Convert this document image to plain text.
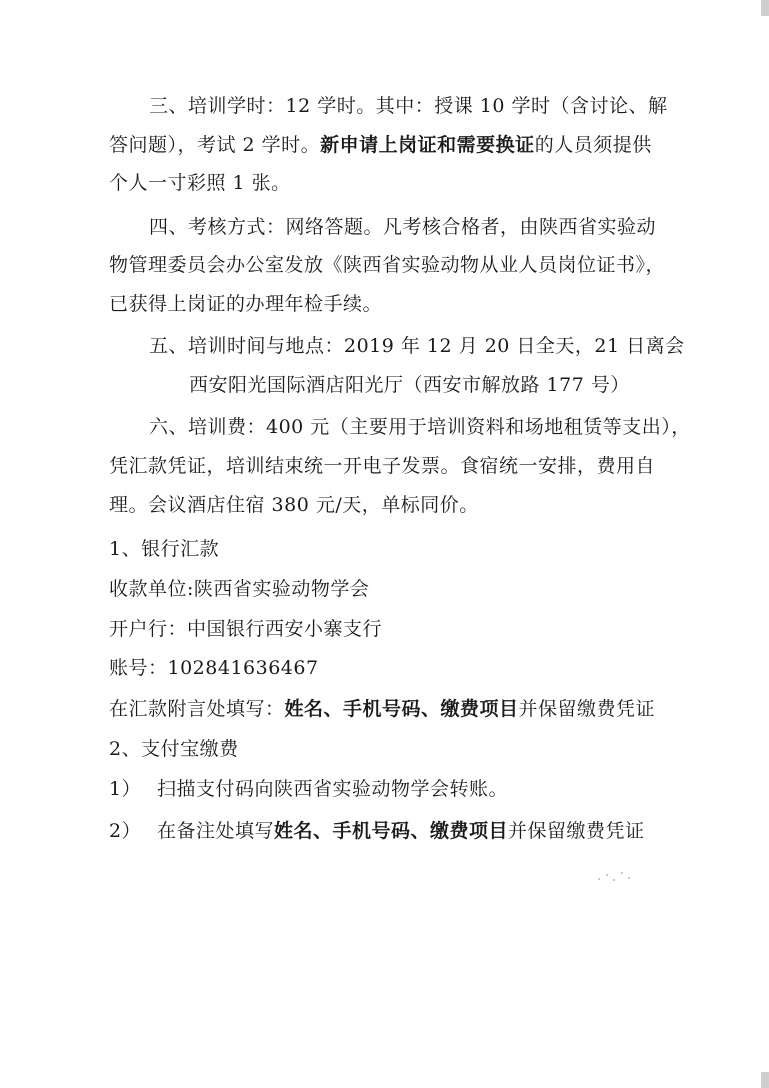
三、培训学时：12 学时。其中：授课 10 学时（含讨论、解
答问题），考试 2 学时。新申请上岗证和需要换证的人员须提供
个人一寸彩照 1 张。
四、考核方式：网络答题。凡考核合格者，由陕西省实验动
物管理委员会办公室发放《陕西省实验动物从业人员岗位证书》，
已获得上岗证的办理年检手续。
五、培训时间与地点：2019 年 12 月 20 日全天，21 日离会
西安阳光国际酒店阳光厅（西安市解放路 177 号）
六、培训费：400 元（主要用于培训资料和场地租赁等支出），
凭汇款凭证，培训结束统一开电子发票。食宿统一安排，费用自
理。会议酒店住宿 380 元/天，单标同价。
1、银行汇款
收款单位:陕西省实验动物学会
开户行：中国银行西安小寨支行
账号：102841636467
在汇款附言处填写：姓名、手机号码、缴费项目并保留缴费凭证
2、支付宝缴费
1） 扫描支付码向陕西省实验动物学会转账。
2） 在备注处填写姓名、手机号码、缴费项目并保留缴费凭证
